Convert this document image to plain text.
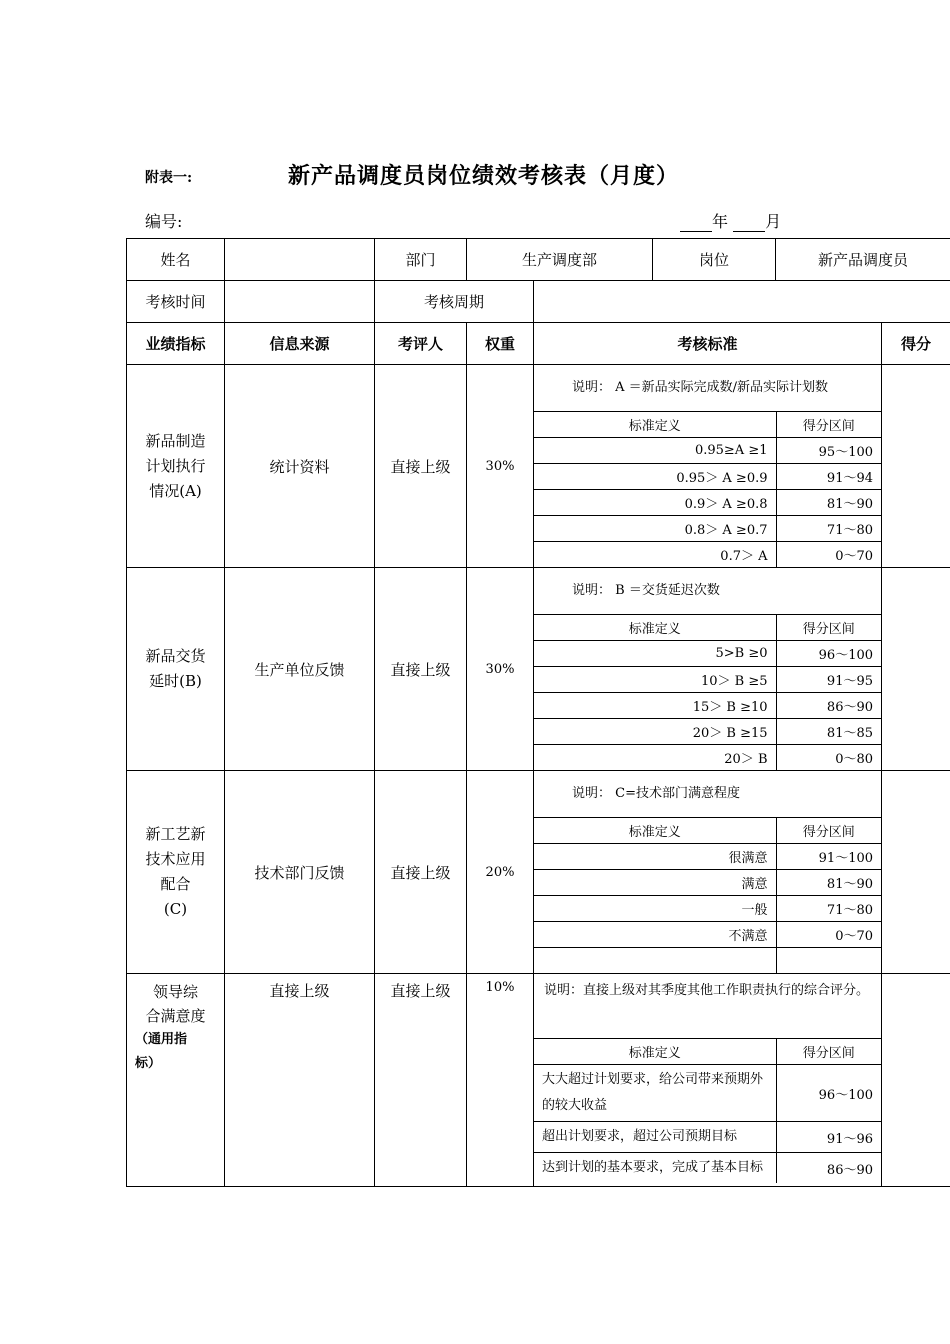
附表一:	新产品调度员岗位绩效考核表（月度）
编号:	年 月
姓名		部门	生产调度部	岗位	新产品调度员
考核时间		考核周期	
业绩指标	信息来源	考评人	权重	考核标准	得分

新品制造
计划执行
情况(A)
	统计资料	直接上级	30%	
说明： A ＝新品实际完成数/新品实际计划数
标准定义	得分区间
0.95≥A ≥1	95～100
0.95＞ A ≥0.9	91～94
0.9＞ A ≥0.8	81～90
0.8＞ A ≥0.7	71～80
0.7＞ A	0～70

新品交货
延时(B)
	生产单位反馈	直接上级	30%	
说明： B ＝交货延迟次数
标准定义	得分区间
5>B ≥0	96～100
10＞ B ≥5	91～95
15＞ B ≥10	86～90
20＞ B ≥15	81～85
20＞ B	0～80

新工艺新
技术应用
配合
(C)
	技术部门反馈	直接上级	20%	
说明： C=技术部门满意程度
标准定义	得分区间
很满意	91～100
满意	81～90
一般	71～80
不满意	0～70

领导综
合满意度
（通用指
标）
	直接上级	直接上级	10%	说明：直接上级对其季度其他工作职责执行的综合评分。
标准定义	得分区间
大大超过计划要求，给公司带来预期外的较大收益	96～100
超出计划要求，超过公司预期目标	91～96
达到计划的基本要求，完成了基本目标	86～90
